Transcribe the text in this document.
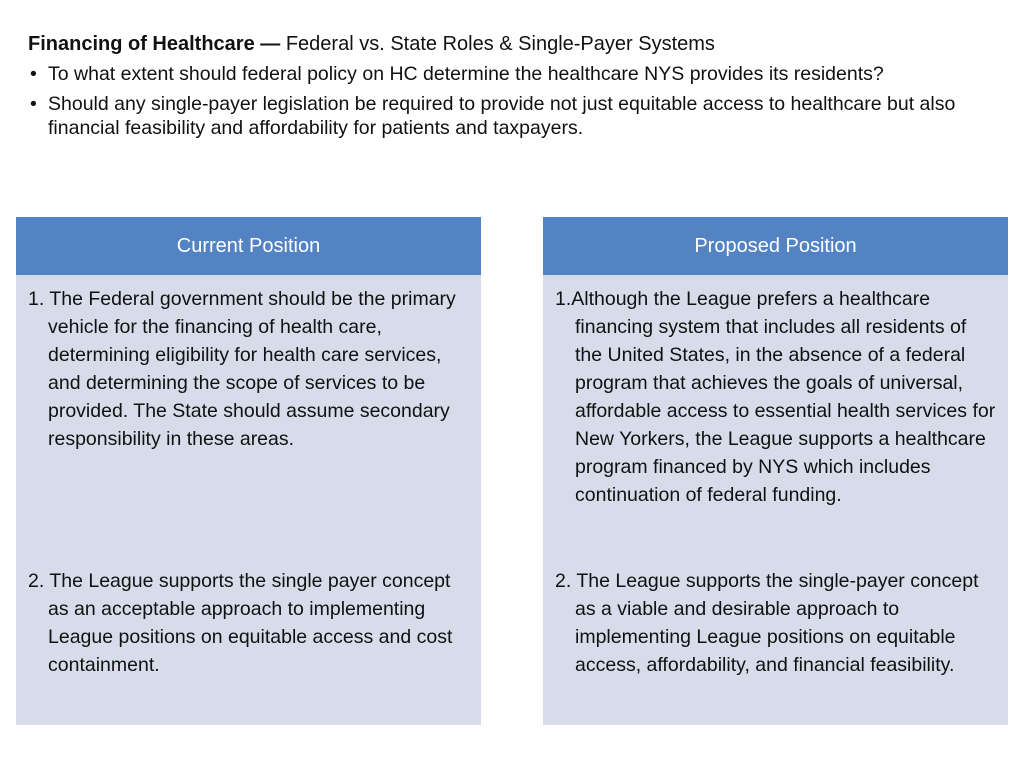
Financing of Healthcare — Federal vs. State Roles & Single-Payer Systems
• To what extent should federal policy on HC determine the healthcare NYS provides its residents?
• Should any single-payer legislation be required to provide not just equitable access to healthcare but also financial feasibility and affordability for patients and taxpayers.
Current Position
1. The Federal government should be the primary vehicle for the financing of health care, determining eligibility for health care services, and determining the scope of services to be provided. The State should assume secondary responsibility in these areas.
2. The League supports the single payer concept as an acceptable approach to implementing League positions on equitable access and cost containment.
Proposed Position
1.Although the League prefers a healthcare financing system that includes all residents of the United States, in the absence of a federal program that achieves the goals of universal, affordable access to essential health services for New Yorkers, the League supports a healthcare program financed by NYS which includes continuation of federal funding.
2. The League supports the single-payer concept as a viable and desirable approach to implementing League positions on equitable access, affordability, and financial feasibility.
